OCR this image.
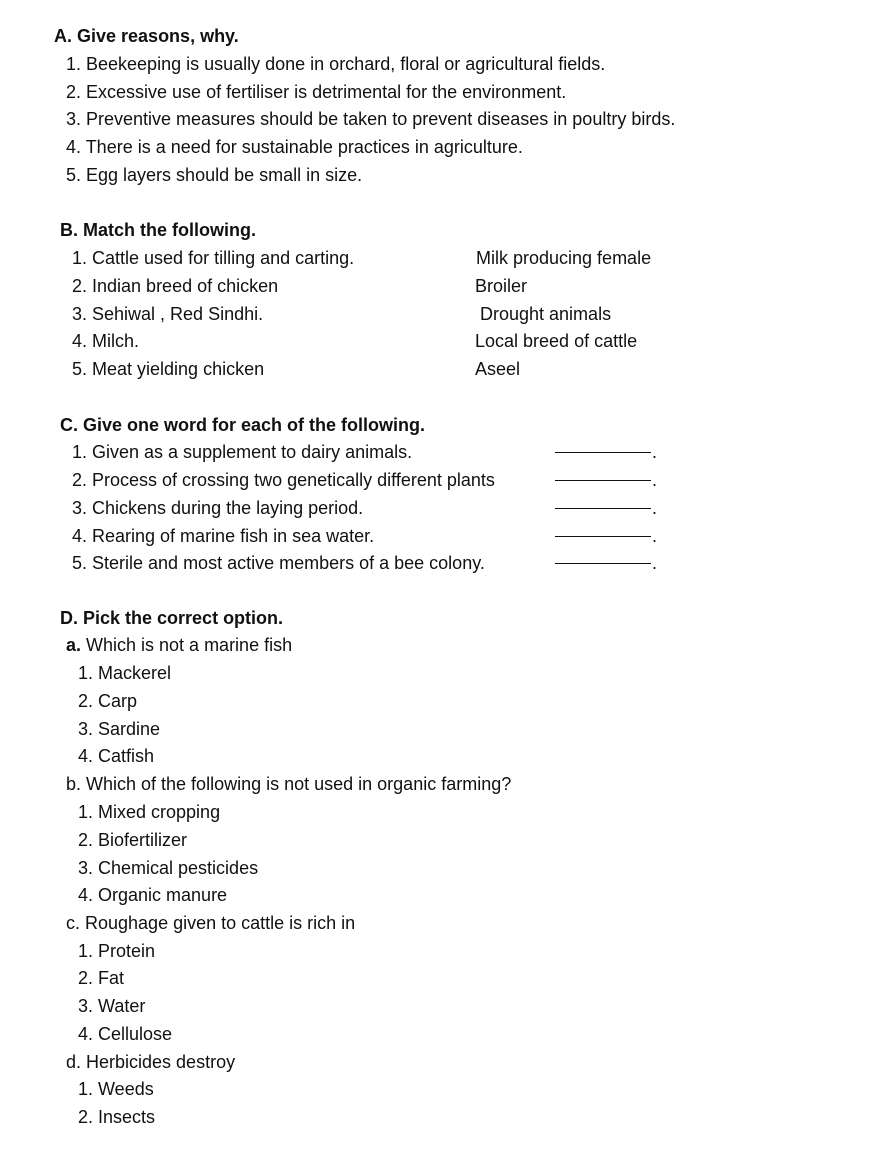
A. Give reasons, why.
1. Beekeeping is usually done in orchard, floral or agricultural fields.
2. Excessive use of fertiliser is detrimental for the environment.
3. Preventive measures should be taken to prevent diseases in poultry birds.
4. There is a need for sustainable practices in agriculture.
5. Egg layers should be small in size.
B. Match the following.
1. Cattle used for tilling and carting.
2. Indian breed of chicken
3. Sehiwal , Red Sindhi.
4. Milch.
5. Meat yielding chicken
Milk producing female
Broiler
Drought animals
Local breed of cattle
Aseel
C. Give one word for each of the following.
1. Given as a supplement to dairy animals.
2. Process of crossing two genetically different plants
3. Chickens during the laying period.
4. Rearing of marine fish in sea water.
5. Sterile and most active members of a bee colony.
.
.
.
.
.
D. Pick the correct option.
a. Which is not a marine fish
1. Mackerel
2. Carp
3. Sardine
4. Catfish
b. Which of the following is not used in organic farming?
1. Mixed cropping
2. Biofertilizer
3. Chemical pesticides
4. Organic manure
c. Roughage given to cattle is rich in
1. Protein
2. Fat
3. Water
4. Cellulose
d. Herbicides destroy
1. Weeds
2. Insects
